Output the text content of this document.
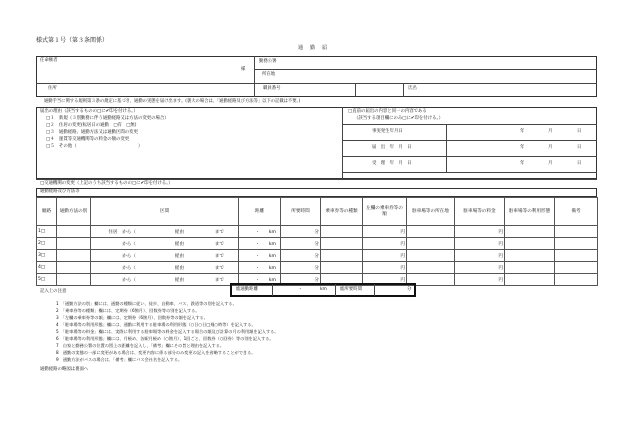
様式第１号（第３条関係）
通　勤　届
任命権者
様
勤務公署
所在地
住所	職員番号	氏名
通勤手当に関する規則第３条の規定に基づき、通勤の実態を届け出ます。(裏大の場合は、「通勤経路及び方法等」以下の記載は不要。)
届出の理由（該当するものの□に✔印を付ける。）
□１　新規（３別勤務に伴う通勤経路又は方法の変更の場合）
□２　住居の変更(転居日の通勤　□有　□無)
□３　通勤経路、通勤方法又は通勤区間の変更
□４　運賃等交通機関等の料金の額の変更
□５　その他（　　　　　　　　　　　　　　）
□直前の届出の内容と同一の内容である
（該当する項目欄にのみ□に✔印を付ける。）
事実発生年月日	年	月	日
届　出　年　月　日	年	月	日
受　理　年　月　日	年	月	日
□交通機関の変更（上記のうち該当するものの□に✔印を付ける。）
通勤経路及び方法等
順路	通勤方法の別	区間	距離	所要時間	乗車券等の種類	左欄の乗車券等の額	駐車場等の所在地	駐車場等の料金	駐車場等の利用形態	備考
1□		住居　から（ 経由 まで	・ km	分		円		円		
2□		から（ 経由 まで	・ km	分		円		円		
3□		から（ 経由 まで	・ km	分		円		円		
4□		から（ 経由 まで	・ km	分		円		円		
5□		から（ 経由 まで	・ km	分		円		円		
総通勤距離	・	km	総所要時間	分
記入上の注意
1　「通勤方法の別」欄には、通勤の種類に従い、徒歩、自動車、バス、鉄道等の別を記入する。
2　「乗車券等の種類」欄には、定期券（6箇月）、回数券等の別を記入する。
3　「左欄の乗車券等の額」欄には、定期券（6箇月）、回数券等の額を記入する。
4　「駐車場等の利用形態」欄には、通勤に利用する駐車場の利用形態（○日○日□週○時等）を記入する。
5　「駐車場等の料金」欄には、実際に利用する駐車場等の料金を記入する場合の額及び計算の月の利用額を記入する。
6　「駐車場等の利用形態」欄には、月極め、各駅月極め（○箇月）、1回ごと、回数券（○回券）等の別を記入する。
7　自家と勤務公署の位置の図上の距離を記入し、「備考」欄にその旨と理由を記入する。
8　通勤の実態の一部に変更がある場合は、変更内容に係る部分のみ変更の記入を省略することができる。
9　通勤方法がバスの場合は、「備考」欄にバス会社名を記入する。
通勤経路の略図は裏面へ
